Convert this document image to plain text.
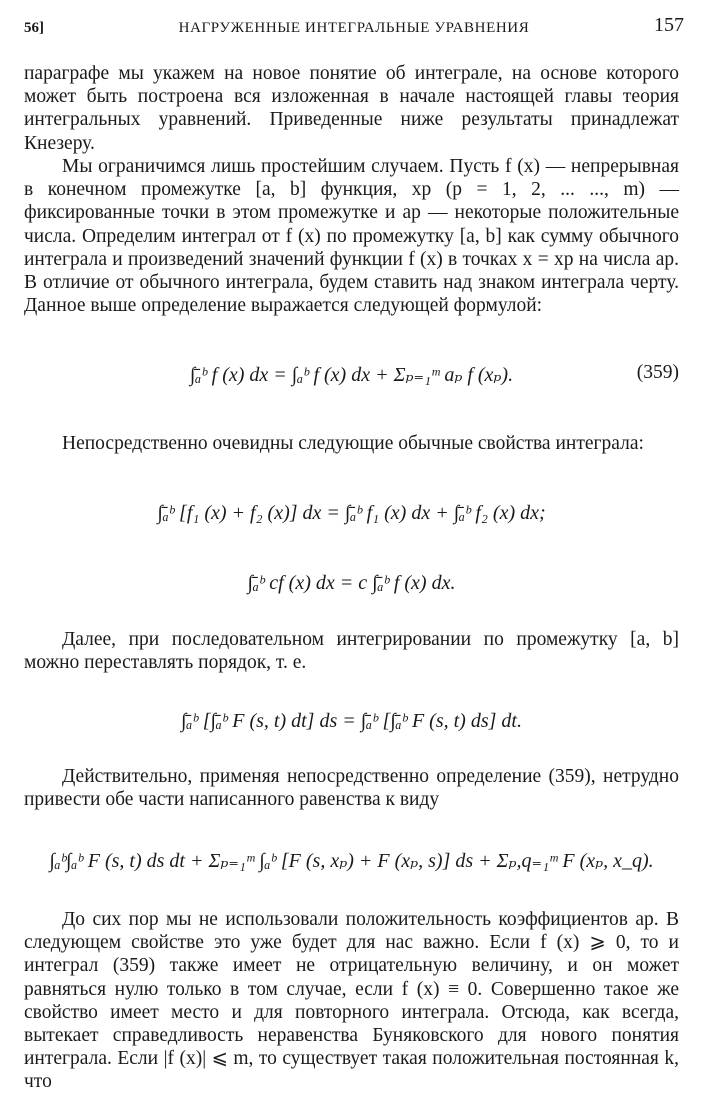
56]	НАГРУЖЕННЫЕ ИНТЕГРАЛЬНЫЕ УРАВНЕНИЯ	157

параграфе мы укажем на новое понятие об интеграле, на основе которого может быть построена вся изложенная в начале настоящей главы теория интегральных уравнений. Приведенные ниже результаты принадлежат Кнезеру.

Мы ограничимся лишь простейшим случаем. Пусть f (x) — непрерывная в конечном промежутке [a, b] функция, xp (p = 1, 2, ... ..., m) — фиксированные точки в этом промежутке и ap — некоторые положительные числа. Определим интеграл от f (x) по промежутку [a, b] как сумму обычного интеграла и произведений значений функции f (x) в точках x = xp на числа ap. В отличие от обычного интеграла, будем ставить над знаком интеграла черту. Данное выше определение выражается следующей формулой:

∫̄ₐᵇ f (x) dx = ∫ₐᵇ f (x) dx + Σₚ₌₁ᵐ aₚ f (xₚ).	(359)

Непосредственно очевидны следующие обычные свойства интеграла:

∫̄ₐᵇ [f₁ (x) + f₂ (x)] dx = ∫̄ₐᵇ f₁ (x) dx + ∫̄ₐᵇ f₂ (x) dx;
∫̄ₐᵇ cf (x) dx = c ∫̄ₐᵇ f (x) dx.

Далее, при последовательном интегрировании по промежутку [a, b] можно переставлять порядок, т. е.

∫̄ₐᵇ [∫̄ₐᵇ F (s, t) dt] ds = ∫̄ₐᵇ [∫̄ₐᵇ F (s, t) ds] dt.

Действительно, применяя непосредственно определение (359), нетрудно привести обе части написанного равенства к виду

∫ₐᵇ∫ₐᵇ F (s, t) ds dt + Σₚ₌₁ᵐ ∫ₐᵇ [F (s, xₚ) + F (xₚ, s)] ds + Σₚ,q₌₁ᵐ F (xₚ, x_q).

До сих пор мы не использовали положительность коэффициентов ap. В следующем свойстве это уже будет для нас важно. Если f (x) ⩾ 0, то и интеграл (359) также имеет не отрицательную величину, и он может равняться нулю только в том случае, если f (x) ≡ 0. Совершенно такое же свойство имеет место и для повторного интеграла. Отсюда, как всегда, вытекает справедливость неравенства Буняковского для нового понятия интеграла. Если |f (x)| ⩽ m, то существует такая положительная постоянная k, что
